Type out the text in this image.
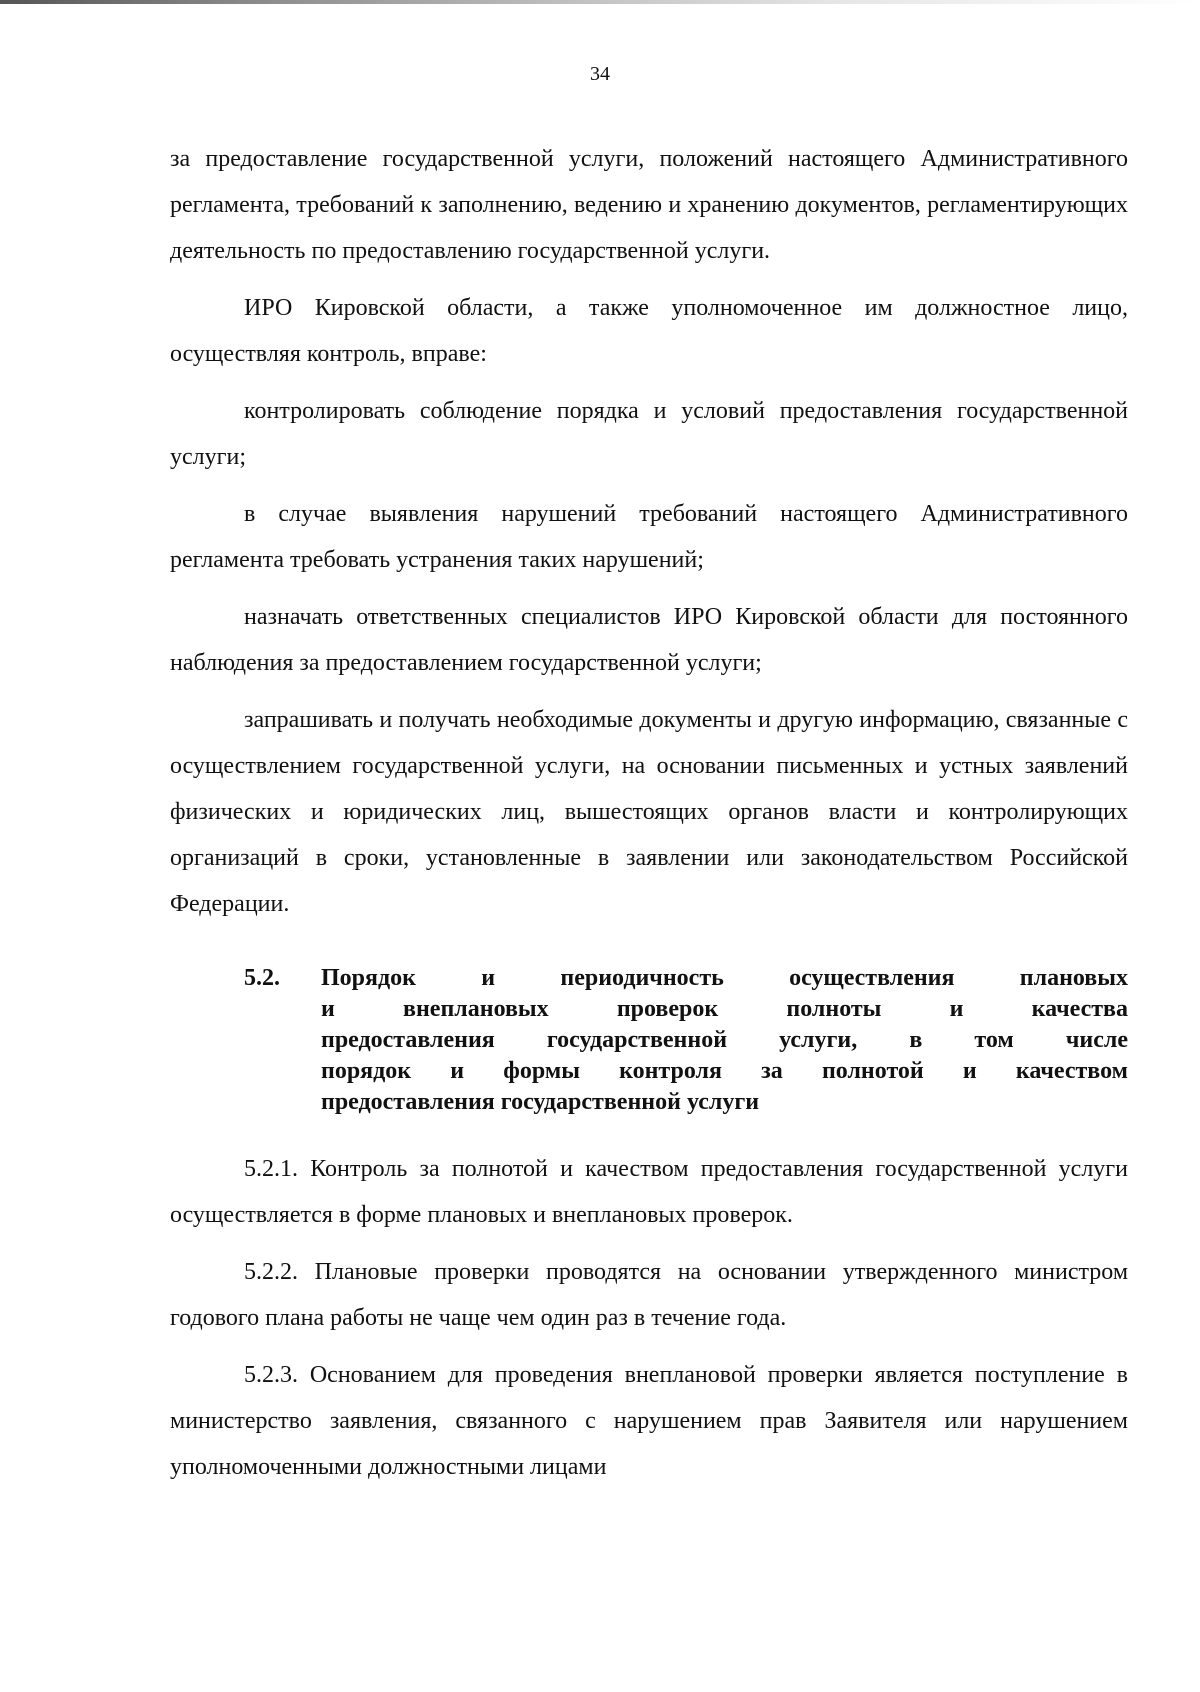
34

за предоставление государственной услуги, положений настоящего Административного регламента, требований к заполнению, ведению и хранению документов, регламентирующих деятельность по предоставлению государственной услуги.

ИРО Кировской области, а также уполномоченное им должностное лицо, осуществляя контроль, вправе:

контролировать соблюдение порядка и условий предоставления государственной услуги;

в случае выявления нарушений требований настоящего Административного регламента требовать устранения таких нарушений;

назначать ответственных специалистов ИРО Кировской области для постоянного наблюдения за предоставлением государственной услуги;

запрашивать и получать необходимые документы и другую информацию, связанные с осуществлением государственной услуги, на основании письменных и устных заявлений физических и юридических лиц, вышестоящих органов власти и контролирующих организаций в сроки, установленные в заявлении или законодательством Российской Федерации.

5.2.	Порядок и периодичность осуществления плановых
и внеплановых проверок полноты и качества
предоставления государственной услуги, в том числе
порядок и формы контроля за полнотой и качеством
предоставления государственной услуги

5.2.1. Контроль за полнотой и качеством предоставления государственной услуги осуществляется в форме плановых и внеплановых проверок.

5.2.2. Плановые проверки проводятся на основании утвержденного министром годового плана работы не чаще чем один раз в течение года.

5.2.3. Основанием для проведения внеплановой проверки является поступление в министерство заявления, связанного с нарушением прав Заявителя или нарушением уполномоченными должностными лицами
